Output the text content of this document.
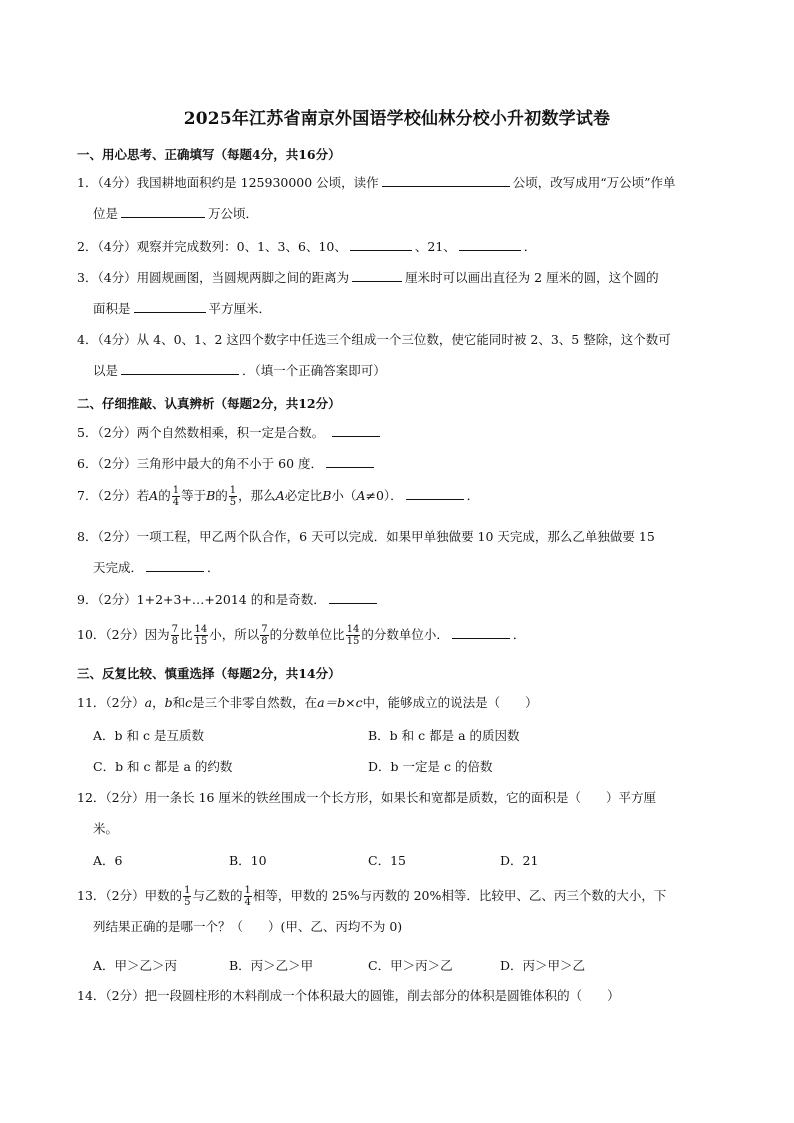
2025年江苏省南京外国语学校仙林分校小升初数学试卷
一、用心思考、正确填写（每题4分，共16分）
1．（4分）我国耕地面积约是 125930000 公顷，读作	公顷，改写成用“万公顷”作单
位是	万公顷．
2．（4分）观察并完成数列：0、1、3、6、10、	、21、	．
3．（4分）用圆规画图，当圆规两脚之间的距离为	厘米时可以画出直径为 2 厘米的圆，这个圆的
面积是	平方厘米．
4．（4分）从 4、0、1、2 这四个数字中任选三个组成一个三位数，使它能同时被 2、3、5 整除，这个数可
以是	．（填一个正确答案即可）
二、仔细推敲、认真辨析（每题2分，共12分）
5．（2分）两个自然数相乘，积一定是合数。
6．（2分）三角形中最大的角不小于 60 度．
7．（2分）若A的 $\frac{1}{4}$ 等于B的 $\frac{1}{5}$ ，那么A必定比B小（A≠0）．	．
8．（2分）一项工程，甲乙两个队合作，6 天可以完成．如果甲单独做要 10 天完成，那么乙单独做要 15
天完成．	．
9．（2分）1+2+3+…+2014 的和是奇数．
10．（2分）因为 $\frac{7}{8}$ 比 $\frac{14}{15}$ 小，所以 $\frac{7}{8}$ 的分数单位比 $\frac{14}{15}$ 的分数单位小．	．
三、反复比较、慎重选择（每题2分，共14分）
11．（2分）a，b和c是三个非零自然数，在a＝b×c中，能够成立的说法是（　　）
A．b 和 c 是互质数	B．b 和 c 都是 a 的质因数
C．b 和 c 都是 a 的约数	D．b 一定是 c 的倍数
12．（2分）用一条长 16 厘米的铁丝围成一个长方形，如果长和宽都是质数，它的面积是（　　）平方厘
米。
A．6	B．10	C．15	D．21
13．（2分）甲数的 $\frac{1}{5}$ 与乙数的 $\frac{1}{4}$ 相等，甲数的 25%与丙数的 20%相等．比较甲、乙、丙三个数的大小，下
列结果正确的是哪一个？（　　）(甲、乙、丙均不为 0)
A．甲＞乙＞丙	B．丙＞乙＞甲	C．甲＞丙＞乙	D．丙＞甲＞乙
14．（2分）把一段圆柱形的木料削成一个体积最大的圆锥，削去部分的体积是圆锥体积的（　　）
